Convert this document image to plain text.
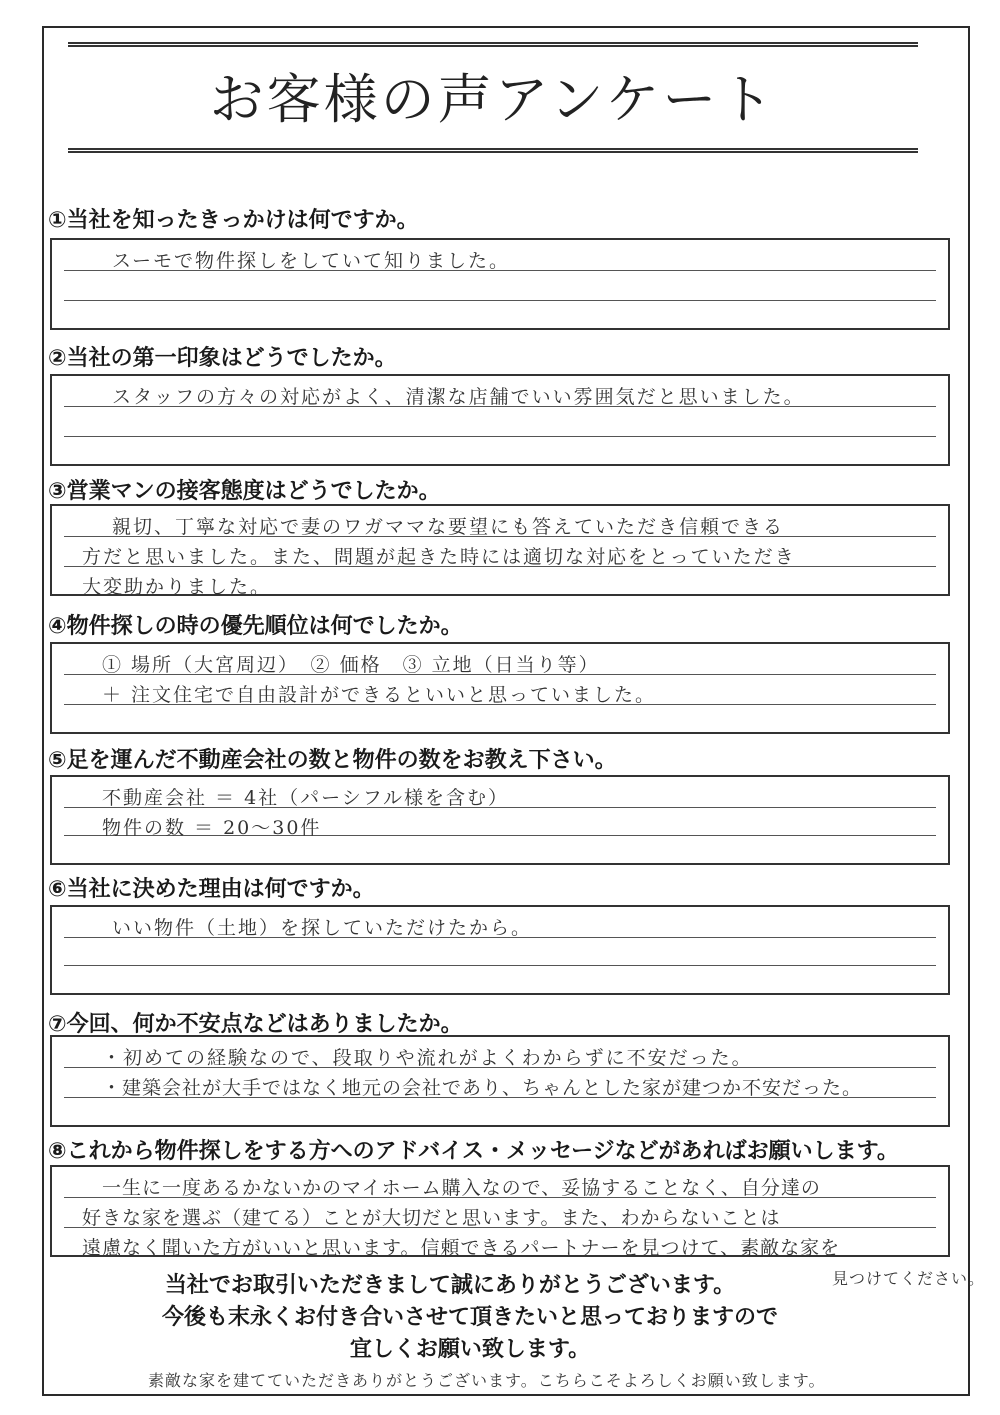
お客様の声アンケート
①当社を知ったきっかけは何ですか。
スーモで物件探しをしていて知りました。
②当社の第一印象はどうでしたか。
スタッフの方々の対応がよく、清潔な店舗でいい雰囲気だと思いました。
③営業マンの接客態度はどうでしたか。
親切、丁寧な対応で妻のワガママな要望にも答えていただき信頼できる
方だと思いました。また、問題が起きた時には適切な対応をとっていただき
大変助かりました。
④物件探しの時の優先順位は何でしたか。
① 場所（大宮周辺）　② 価格　③ 立地（日当り等）
＋ 注文住宅で自由設計ができるといいと思っていました。
⑤足を運んだ不動産会社の数と物件の数をお教え下さい。
不動産会社 ＝ 4社（パーシフル様を含む）
物件の数 ＝ 20～30件
⑥当社に決めた理由は何ですか。
いい物件（土地）を探していただけたから。
⑦今回、何か不安点などはありましたか。
・初めての経験なので、段取りや流れがよくわからずに不安だった。
・建築会社が大手ではなく地元の会社であり、ちゃんとした家が建つか不安だった。
⑧これから物件探しをする方へのアドバイス・メッセージなどがあればお願いします。
一生に一度あるかないかのマイホーム購入なので、妥協することなく、自分達の
好きな家を選ぶ（建てる）ことが大切だと思います。また、わからないことは
遠慮なく聞いた方がいいと思います。信頼できるパートナーを見つけて、素敵な家を
見つけてください。
当社でお取引いただきまして誠にありがとうございます。
今後も末永くお付き合いさせて頂きたいと思っておりますので
宜しくお願い致します。
素敵な家を建てていただきありがとうございます。こちらこそよろしくお願い致します。
